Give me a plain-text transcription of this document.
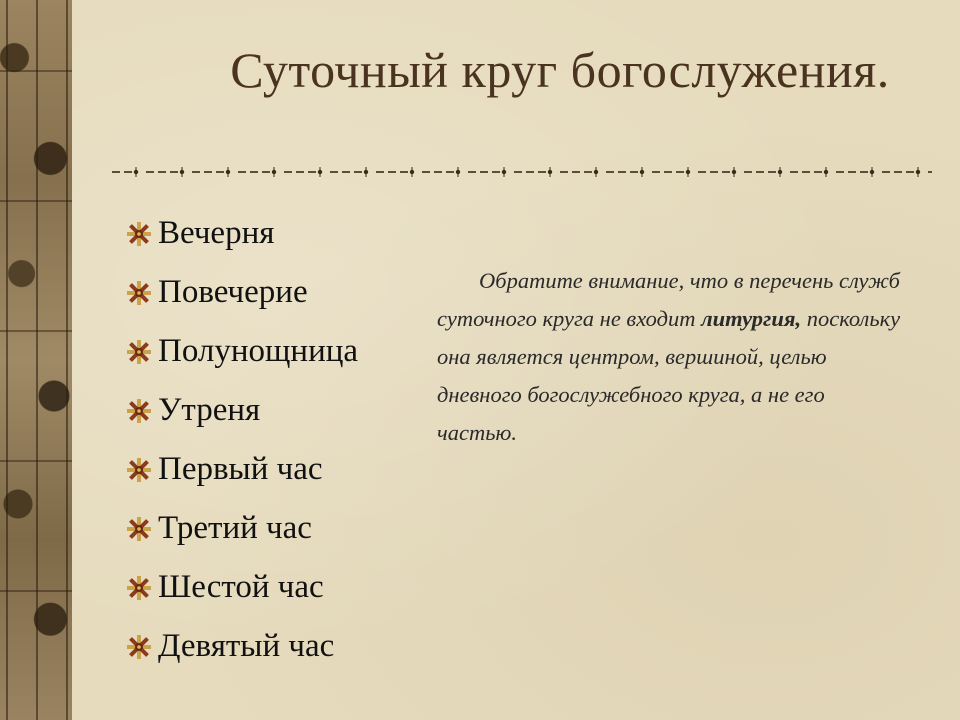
Суточный круг богослужения.
Вечерня
Повечерие
Полунощница
Утреня
Первый час
Третий час
Шестой час
Девятый час

Обратите внимание, что в перечень служб суточного круга не входит литургия, поскольку она является центром, вершиной, целью дневного богослужебного круга, а не его частью.
